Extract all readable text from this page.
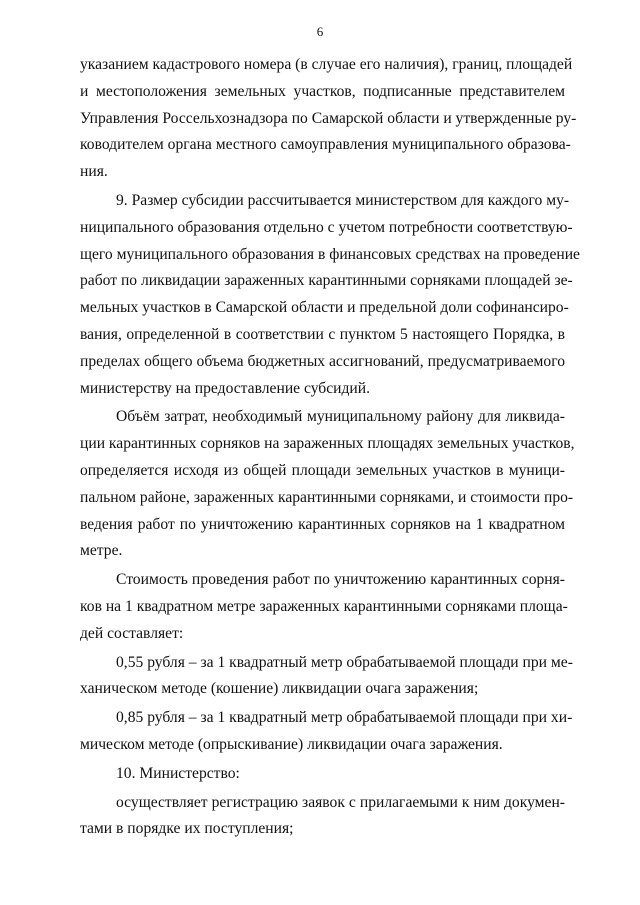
6
указанием кадастрового номера (в случае его наличия), границ, площадей
и местоположения земельных участков, подписанные представителем
Управления Россельхознадзора по Самарской области и утвержденные ру-
ководителем органа местного самоуправления муниципального образова-
ния.
9. Размер субсидии рассчитывается министерством для каждого му-
ниципального образования отдельно с учетом потребности соответствую-
щего муниципального образования в финансовых средствах на проведение
работ по ликвидации зараженных карантинными сорняками площадей зе-
мельных участков в Самарской области и предельной доли софинансиро-
вания, определенной в соответствии с пунктом 5 настоящего Порядка, в
пределах общего объема бюджетных ассигнований, предусматриваемого
министерству на предоставление субсидий.
Объём затрат, необходимый муниципальному району для ликвида-
ции карантинных сорняков на зараженных площадях земельных участков,
определяется исходя из общей площади земельных участков в муници-
пальном районе, зараженных карантинными сорняками, и стоимости про-
ведения работ по уничтожению карантинных сорняков на 1 квадратном
метре.
Стоимость проведения работ по уничтожению карантинных сорня-
ков на 1 квадратном метре зараженных карантинными сорняками площа-
дей составляет:
0,55 рубля – за 1 квадратный метр обрабатываемой площади при ме-
ханическом методе (кошение) ликвидации очага заражения;
0,85 рубля – за 1 квадратный метр обрабатываемой площади при хи-
мическом методе (опрыскивание) ликвидации очага заражения.
10. Министерство:
осуществляет регистрацию заявок с прилагаемыми к ним докумен-
тами в порядке их поступления;
